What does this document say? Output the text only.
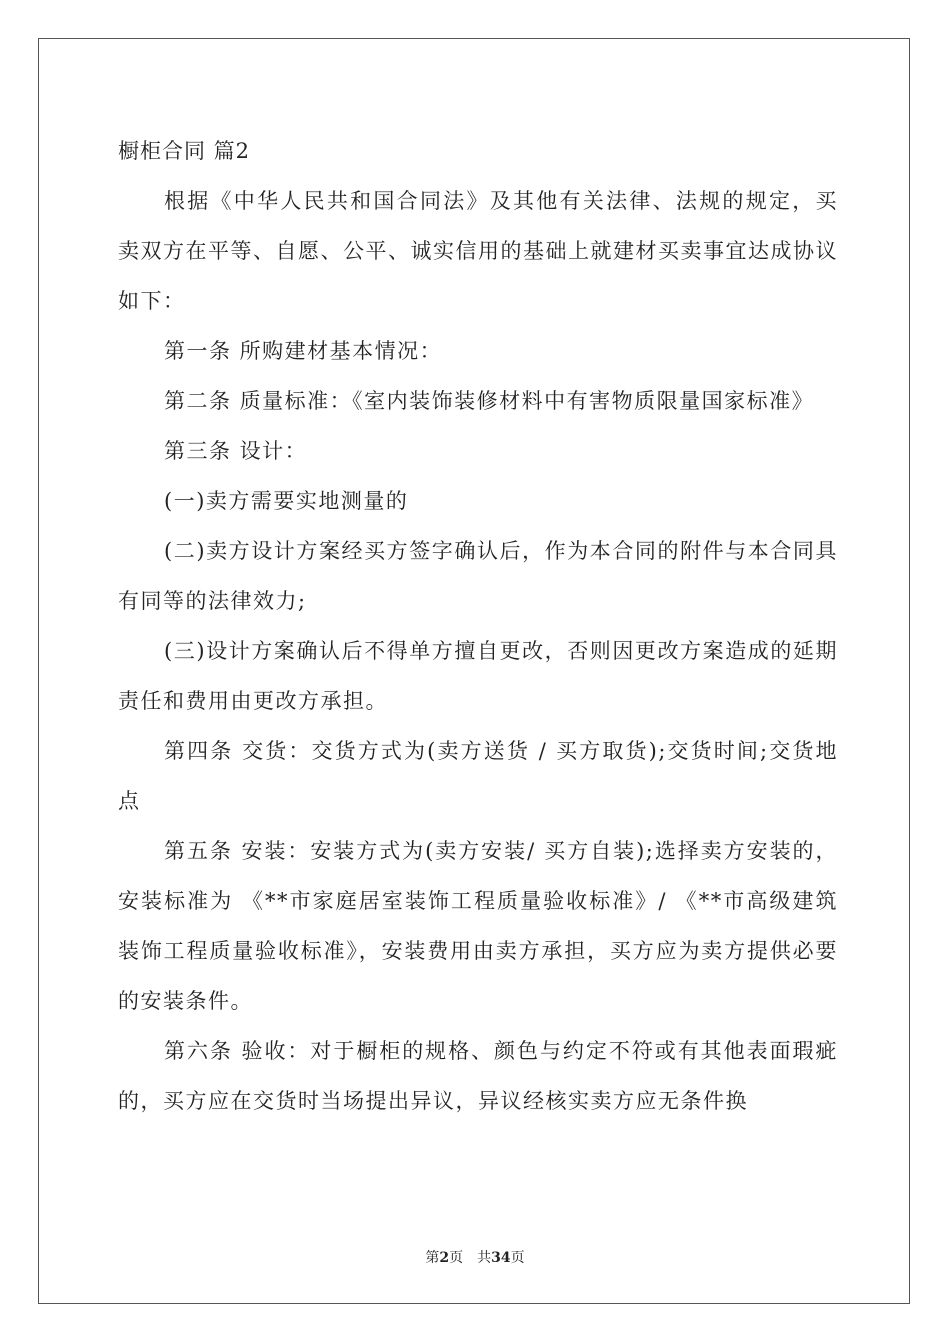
橱柜合同 篇2

根据《中华人民共和国合同法》及其他有关法律、法规的规定，买卖双方在平等、自愿、公平、诚实信用的基础上就建材买卖事宜达成协议如下：

第一条 所购建材基本情况：

第二条 质量标准：《室内装饰装修材料中有害物质限量国家标准》

第三条 设计：

(一)卖方需要实地测量的

(二)卖方设计方案经买方签字确认后，作为本合同的附件与本合同具有同等的法律效力;

(三)设计方案确认后不得单方擅自更改，否则因更改方案造成的延期责任和费用由更改方承担。

第四条 交货：交货方式为(卖方送货 / 买方取货);交货时间;交货地点

第五条 安装：安装方式为(卖方安装/ 买方自装);选择卖方安装的，安装标准为 《**市家庭居室装饰工程质量验收标准》/ 《**市高级建筑装饰工程质量验收标准》，安装费用由卖方承担，买方应为卖方提供必要的安装条件。

第六条 验收：对于橱柜的规格、颜色与约定不符或有其他表面瑕疵的，买方应在交货时当场提出异议，异议经核实卖方应无条件换

第2页 共34页
